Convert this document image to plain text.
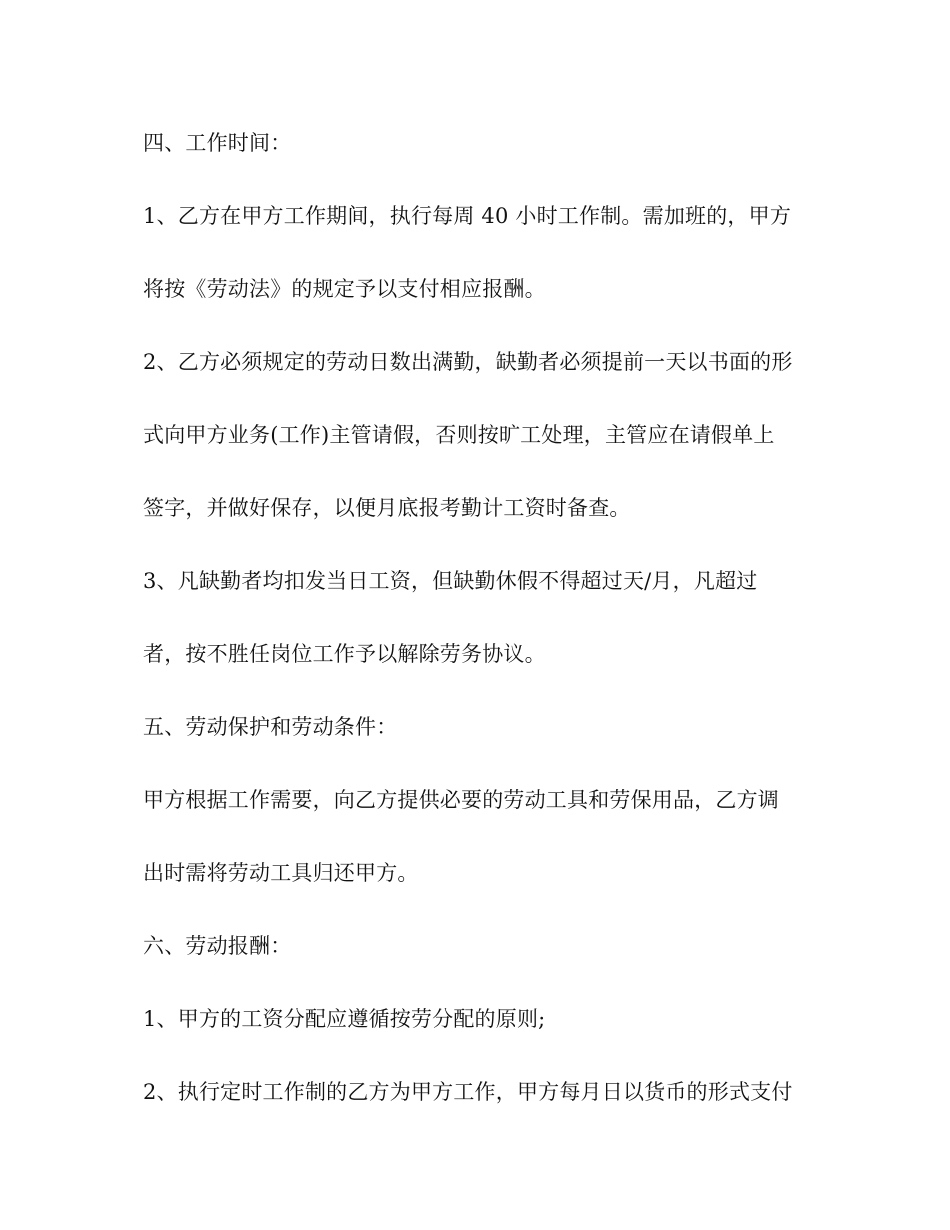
四、工作时间：

1、乙方在甲方工作期间，执行每周 40 小时工作制。需加班的，甲方

将按《劳动法》的规定予以支付相应报酬。

2、乙方必须规定的劳动日数出满勤，缺勤者必须提前一天以书面的形

式向甲方业务(工作)主管请假，否则按旷工处理，主管应在请假单上

签字，并做好保存，以便月底报考勤计工资时备查。

3、凡缺勤者均扣发当日工资，但缺勤休假不得超过天/月，凡超过

者，按不胜任岗位工作予以解除劳务协议。

五、劳动保护和劳动条件：

甲方根据工作需要，向乙方提供必要的劳动工具和劳保用品，乙方调

出时需将劳动工具归还甲方。

六、劳动报酬：

1、甲方的工资分配应遵循按劳分配的原则;

2、执行定时工作制的乙方为甲方工作，甲方每月日以货币的形式支付
